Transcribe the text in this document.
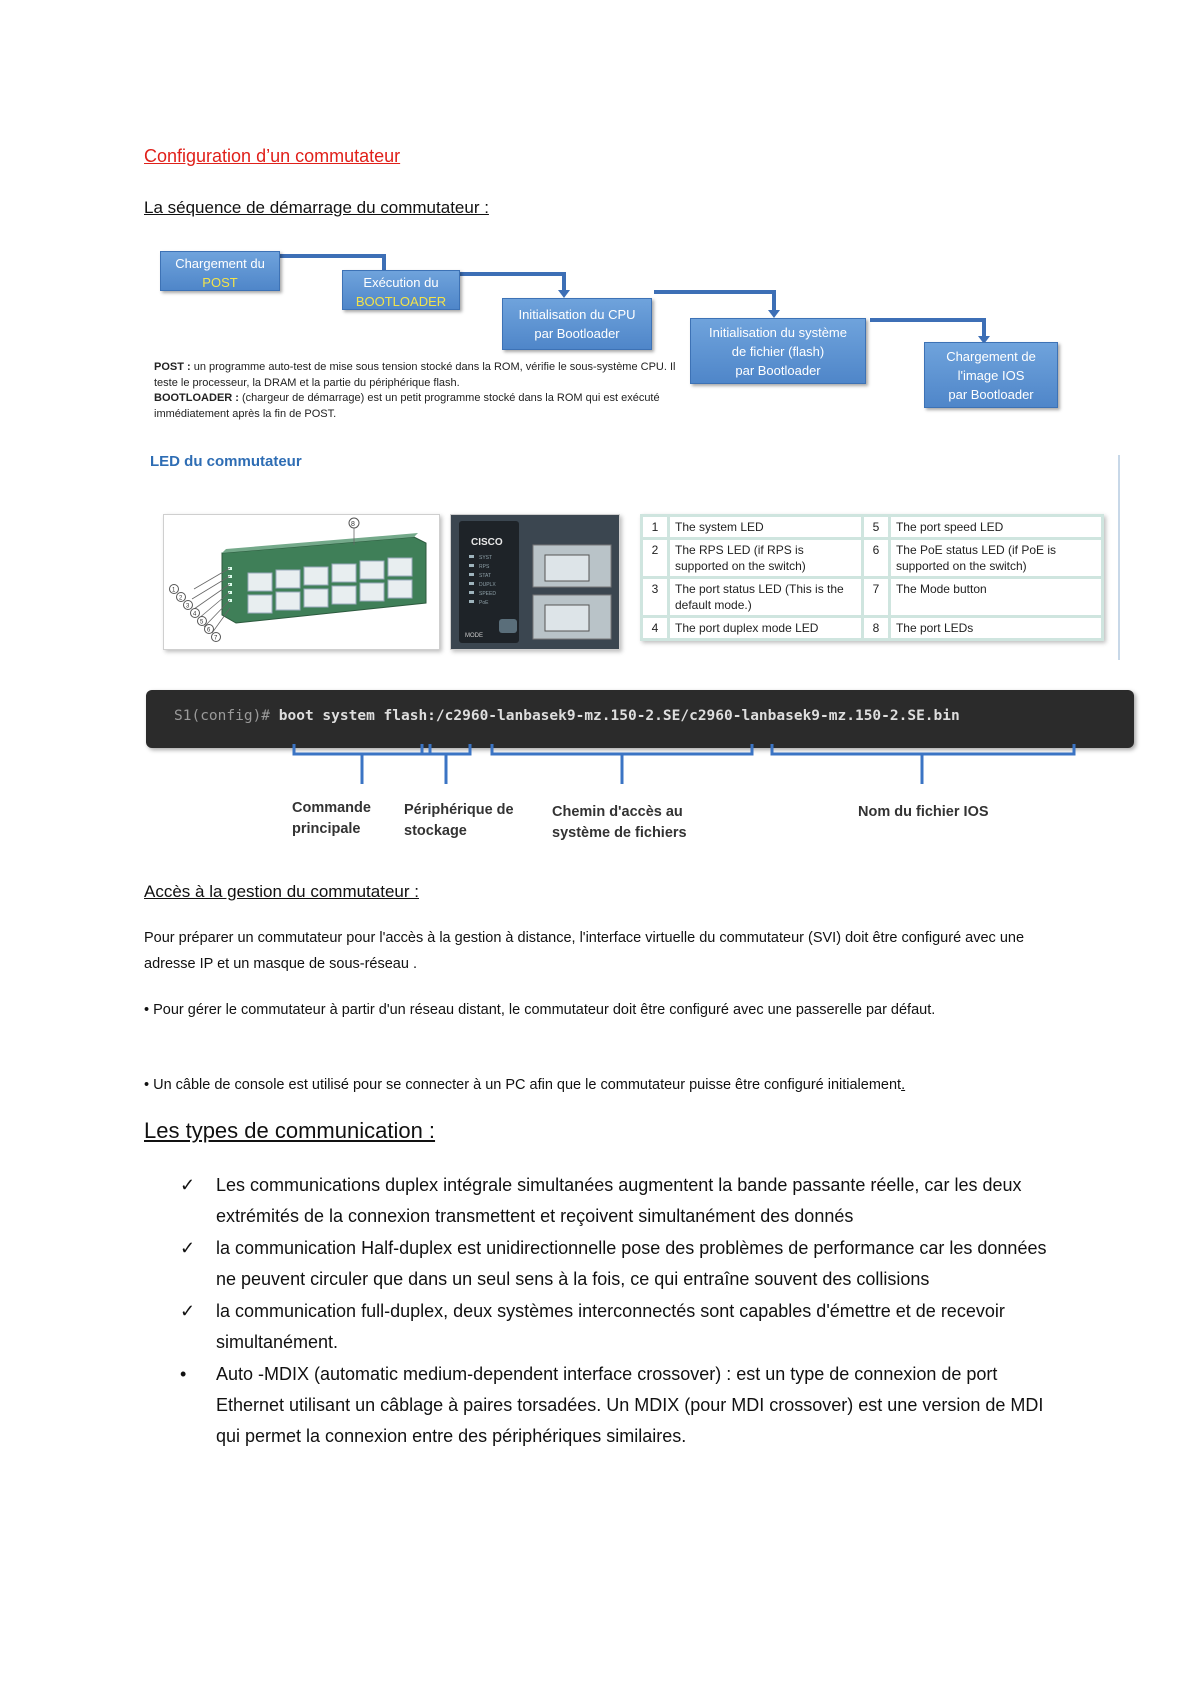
Configuration d’un commutateur
La séquence de démarrage du commutateur :
Chargement du
POST	Exécution du
BOOTLOADER
Initialisation du CPU
par Bootloader	Initialisation du système
de fichier (flash)
par Bootloader
Chargement de
l'image IOS
par Bootloader
POST : un programme auto-test de mise sous tension stocké dans la ROM, vérifie le sous-système CPU. Il teste le processeur, la DRAM et la partie du périphérique flash.
BOOTLOADER : (chargeur de démarrage) est un petit programme stocké dans la ROM qui est exécuté immédiatement après la fin de POST.
LED du commutateur
8
1
2
3
4
5
6
7
CISCO
SYST
RPS
STAT
DUPLX
SPEED
PoE
MODE
1	The system LED	5	The port speed LED
2	The RPS LED (if RPS is supported on the switch)	6	The PoE status LED (if PoE is supported on the switch)
3	The port status LED (This is the default mode.)	7	The Mode button
4	The port duplex mode LED	8	The port LEDs
S1(config)# boot system flash:/c2960-lanbasek9-mz.150-2.SE/c2960-lanbasek9-mz.150-2.SE.bin
Commande principale
Périphérique de stockage
Chemin d'accès au système de fichiers
Nom du fichier IOS
Accès à la gestion du commutateur :
Pour préparer un commutateur pour l'accès à la gestion à distance, l'interface virtuelle du commutateur (SVI) doit être configuré avec une adresse IP et un masque de sous-réseau .
• Pour gérer le commutateur à partir d'un réseau distant, le commutateur doit être configuré avec une passerelle par défaut.
• Un câble de console est utilisé pour se connecter à un PC afin que le commutateur puisse être configuré initialement.
Les types de communication :
✓	Les communications duplex intégrale simultanées augmentent la bande passante réelle, car les deux extrémités de la connexion transmettent et reçoivent simultanément des donnés
✓	la communication Half-duplex est unidirectionnelle pose des problèmes de performance car les données ne peuvent circuler que dans un seul sens à la fois, ce qui entraîne souvent des collisions
✓	la communication full-duplex, deux systèmes interconnectés sont capables d'émettre et de recevoir simultanément.
•	Auto -MDIX (automatic medium-dependent interface crossover) : est un type de connexion de port Ethernet utilisant un câblage à paires torsadées. Un MDIX (pour MDI crossover) est une version de MDI qui permet la connexion entre des périphériques similaires.
